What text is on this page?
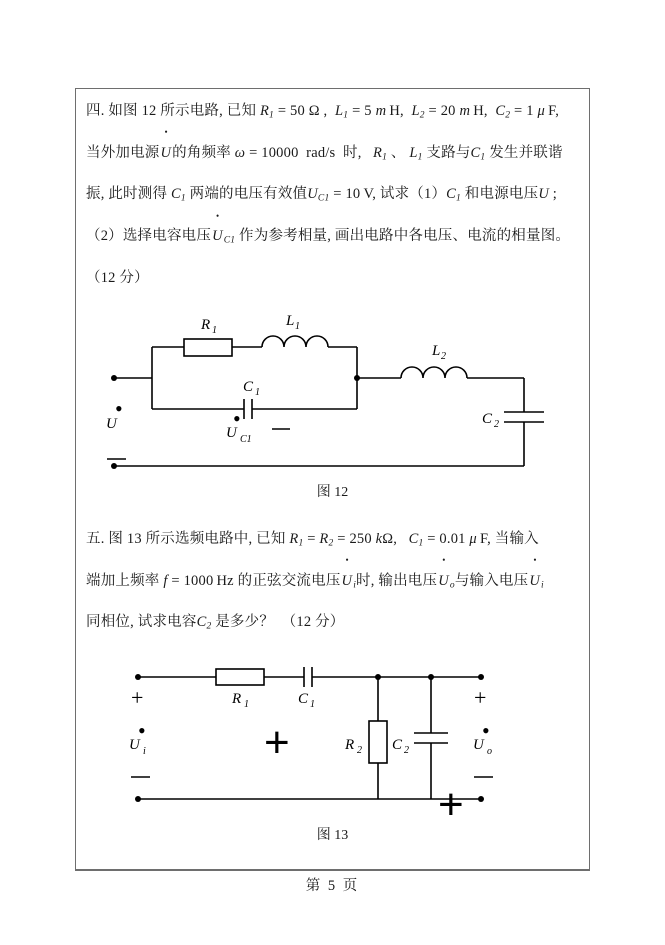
四. 如图 12 所示电路, 已知 $R_1 = 50$ Ω ,  $L_1 = 5$ m H,  $L_2 = 20$ m H,  $C_2 = 1$ μ F,
当外加电源• U的角频率 ω = 10000  rad/s  时,   $R_1$ 、 $L_1$ 支路与$C_1$ 发生并联谐
振, 此时测得 $C_1$ 两端的电压有效值$U_{C1} = 10$ V, 试求$(1)C_1$ 和电源电压U ;
（2）选择电容电压• $U_{C1}$ 作为参考相量, 画出电路中各电压、电流的相量图。
（12 分）
R 1
L 1
C 1
U
•
C1
L 2
C 2
U
•
图 12
五. 图 13 所示选频电路中, 已知 $R_1 = R_2 = 250$ kΩ,   $C_1 = 0.01$ μ F, 当输入
端加上频率 f = 1000 Hz 的正弦交流电压• $U_i$时, 输出电压• $U_o$与输入电压• $U_i$
同相位, 试求电容$C_2$ 是多少？  （12 分）
+	+
+
+
R 1	C 1
R 2 C 2
U
•
i	U
•
o
图 13
第 5 页
